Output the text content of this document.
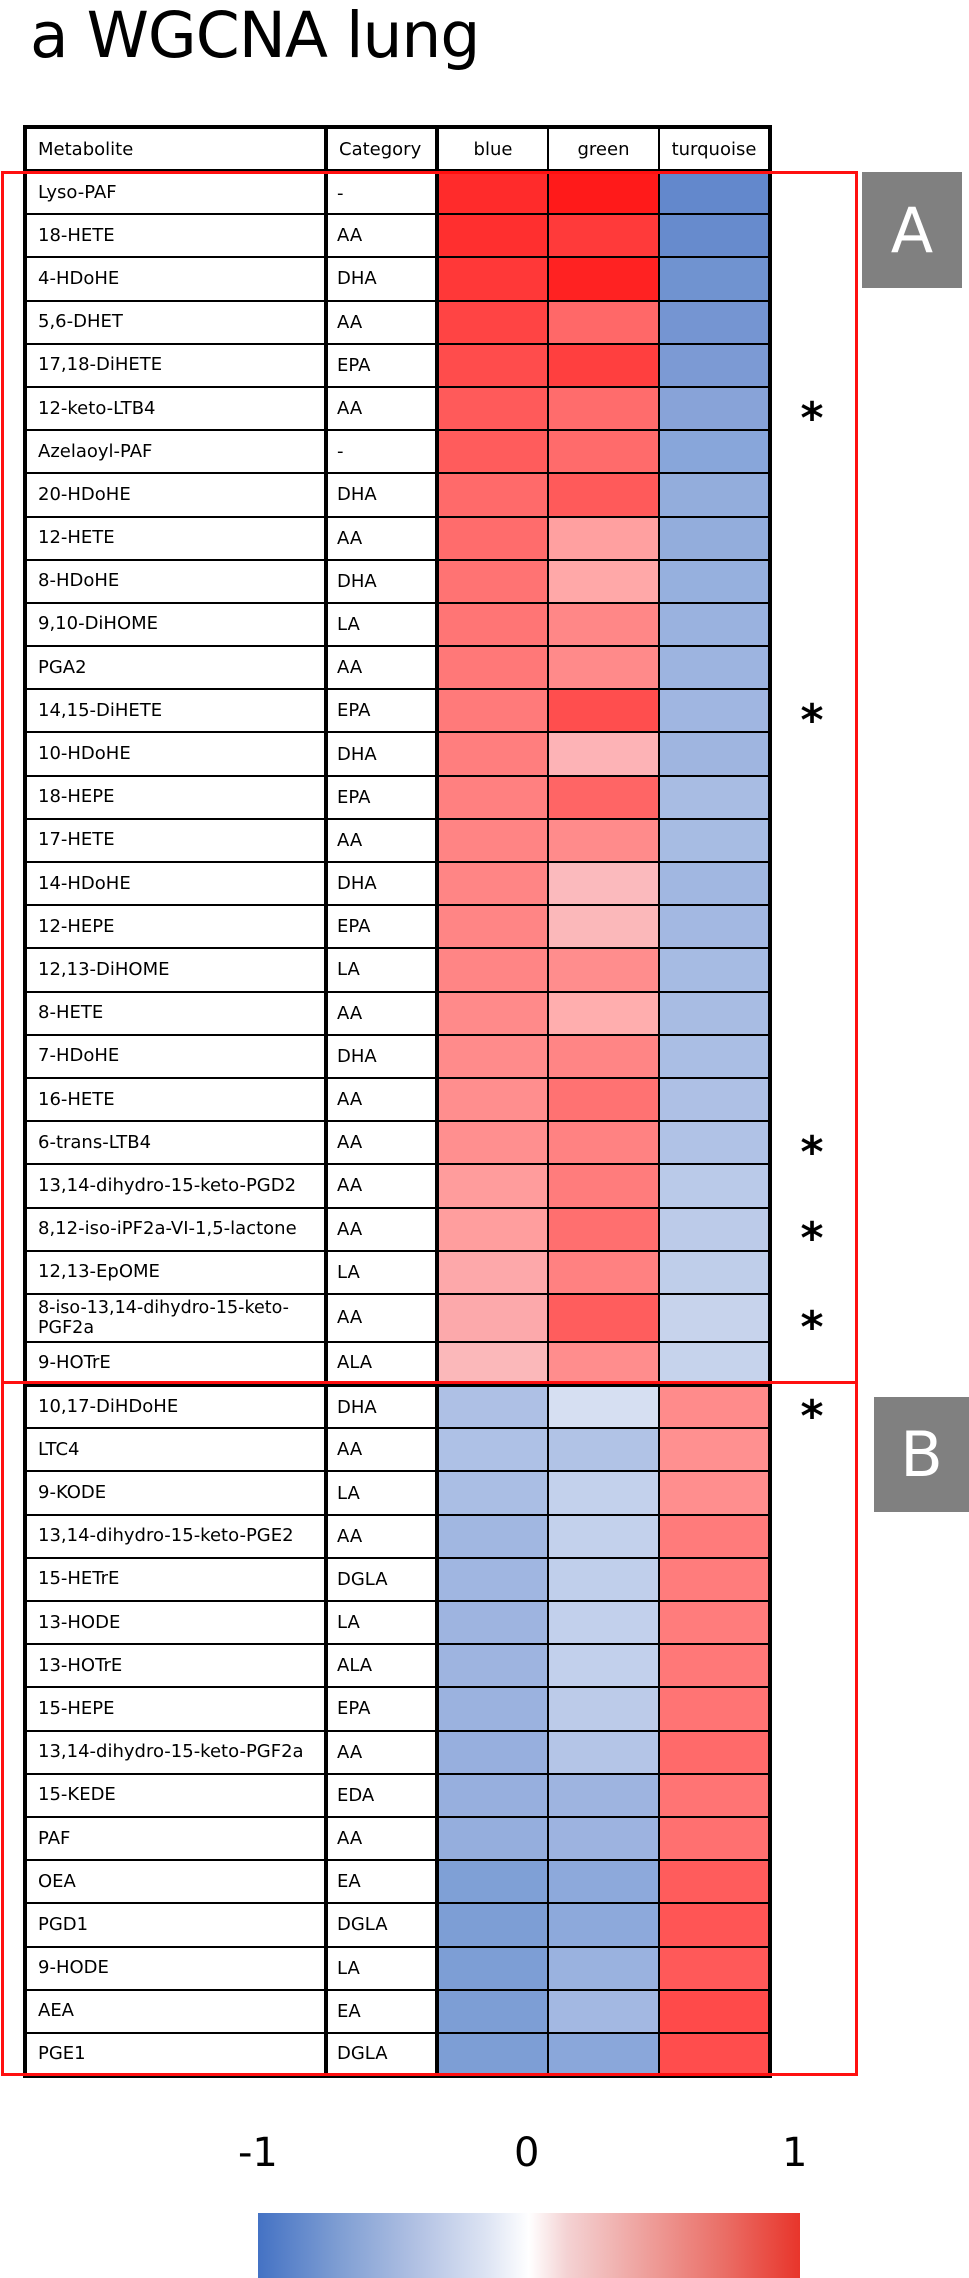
a WGCNA lung
Metabolite	Category	blue	green	turquoise
Lyso-PAF	-			
18-HETE	AA			
4-HDoHE	DHA			
5,6-DHET	AA			
17,18-DiHETE	EPA			
12-keto-LTB4	AA			
Azelaoyl-PAF	-			
20-HDoHE	DHA			
12-HETE	AA			
8-HDoHE	DHA			
9,10-DiHOME	LA			
PGA2	AA			
14,15-DiHETE	EPA			
10-HDoHE	DHA			
18-HEPE	EPA			
17-HETE	AA			
14-HDoHE	DHA			
12-HEPE	EPA			
12,13-DiHOME	LA			
8-HETE	AA			
7-HDoHE	DHA			
16-HETE	AA			
6-trans-LTB4	AA			
13,14-dihydro-15-keto-PGD2	AA			
8,12-iso-iPF2a-VI-1,5-lactone	AA			
12,13-EpOME	LA			
8-iso-13,14-dihydro-15-keto-PGF2a	AA			
9-HOTrE	ALA			
10,17-DiHDoHE	DHA			
LTC4	AA			
9-KODE	LA			
13,14-dihydro-15-keto-PGE2	AA			
15-HETrE	DGLA			
13-HODE	LA			
13-HOTrE	ALA			
15-HEPE	EPA			
13,14-dihydro-15-keto-PGF2a	AA			
15-KEDE	EDA			
PAF	AA			
OEA	EA			
PGD1	DGLA			
9-HODE	LA			
AEA	EA			
PGE1	DGLA			
A
B
*
*
*
*
*
*
-1	0	1
